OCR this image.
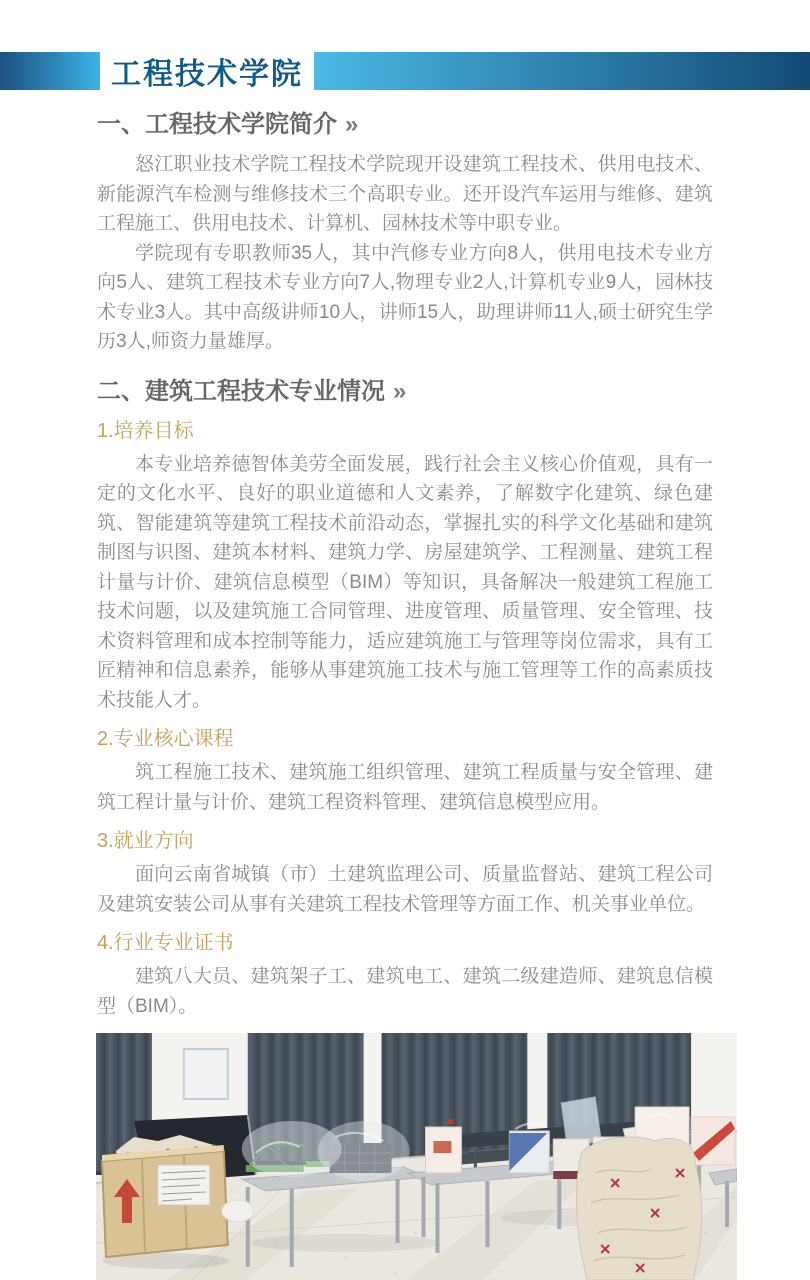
工程技术学院
一、工程技术学院简介 »

怒江职业技术学院工程技术学院现开设建筑工程技术、供用电技术、新能源汽车检测与维修技术三个高职专业。还开设汽车运用与维修、建筑工程施工、供用电技术、计算机、园林技术等中职专业。

学院现有专职教师35人，其中汽修专业方向8人，供用电技术专业方向5人、建筑工程技术专业方向7人,物理专业2人,计算机专业9人，园林技术专业3人。其中高级讲师10人，讲师15人，助理讲师11人,硕士研究生学历3人,师资力量雄厚。

二、建筑工程技术专业情况 »
1.培养目标

本专业培养德智体美劳全面发展，践行社会主义核心价值观，具有一定的文化水平、良好的职业道德和人文素养，了解数字化建筑、绿色建筑、智能建筑等建筑工程技术前沿动态，掌握扎实的科学文化基础和建筑制图与识图、建筑本材料、建筑力学、房屋建筑学、工程测量、建筑工程计量与计价、建筑信息模型（BIM）等知识，具备解决一般建筑工程施工技术问题，以及建筑施工合同管理、进度管理、质量管理、安全管理、技术资料管理和成本控制等能力，适应建筑施工与管理等岗位需求，具有工匠精神和信息素养，能够从事建筑施工技术与施工管理等工作的高素质技术技能人才。

2.专业核心课程

筑工程施工技术、建筑施工组织管理、建筑工程质量与安全管理、建筑工程计量与计价、建筑工程资料管理、建筑信息模型应用。

3.就业方向

面向云南省城镇（市）土建筑监理公司、质量监督站、建筑工程公司及建筑安装公司从事有关建筑工程技术管理等方面工作、机关事业单位。

4.行业专业证书

建筑八大员、建筑架子工、建筑电工、建筑二级建造师、建筑息信模型（BIM）。
